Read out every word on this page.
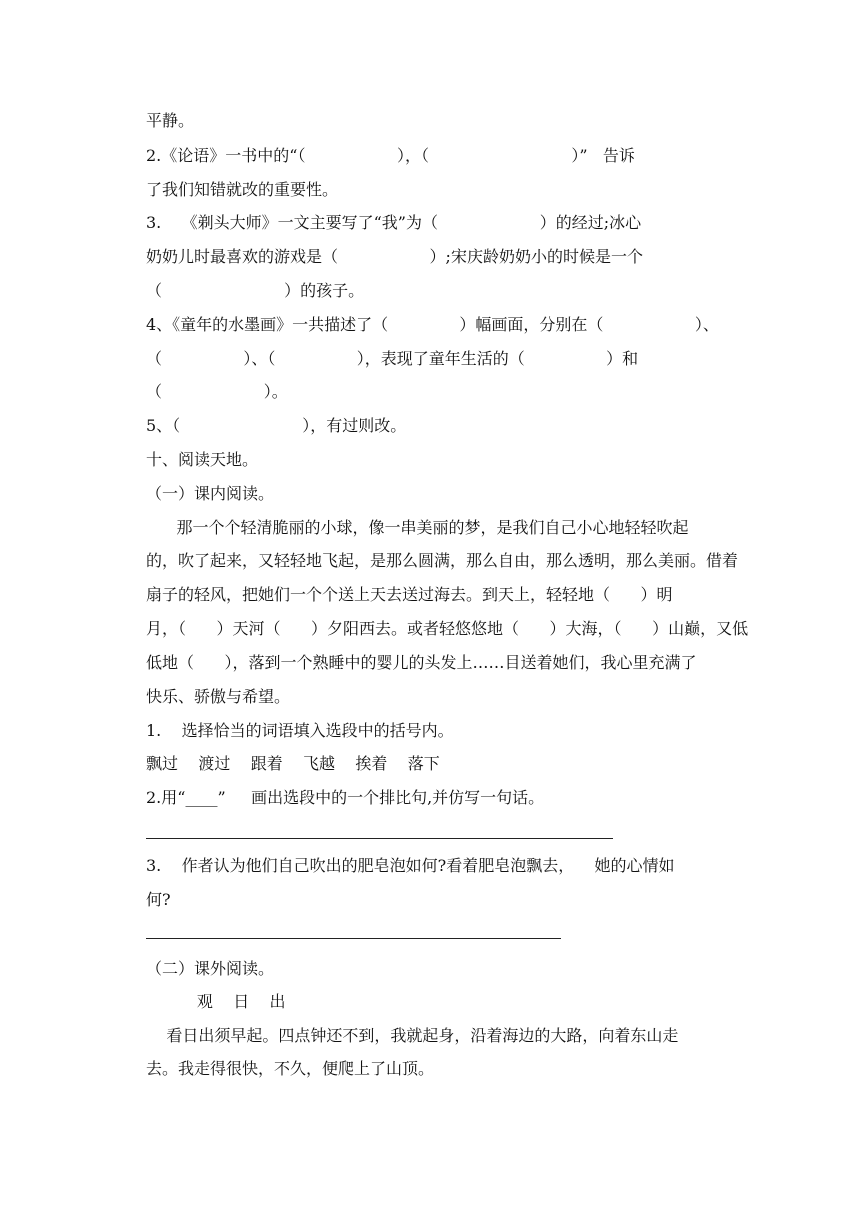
平静。
2.《论语》一书中的“（                  ），（                            ）”   告诉
了我们知错就改的重要性。
3.    《剃头大师》一文主要写了“我”为（                    ）的经过;冰心
奶奶儿时最喜欢的游戏是（                  ）;宋庆龄奶奶小的时候是一个
（                        ）的孩子。
4、《童年的水墨画》一共描述了（              ）幅画面，分别在（                  ）、
（                ）、（                ），表现了童年生活的（                ）和
（                    ）。
5、（                        ），有过则改。
十、阅读天地。
（一）课内阅读。
那一个个轻清脆丽的小球，像一串美丽的梦，是我们自己小心地轻轻吹起
的，吹了起来，又轻轻地飞起，是那么圆满，那么自由，那么透明，那么美丽。借着
扇子的轻风，把她们一个个送上天去送过海去。到天上，轻轻地（      ）明
月，（      ）天河（      ）夕阳西去。或者轻悠悠地（      ）大海，（      ）山巅，又低
低地（      ），落到一个熟睡中的婴儿的头发上……目送着她们，我心里充满了
快乐、骄傲与希望。
1.    选择恰当的词语填入选段中的括号内。
飘过    渡过    跟着    飞越    挨着    落下
2.用“____”     画出选段中的一个排比句,并仿写一句话。
3.    作者认为他们自己吹出的肥皂泡如何?看着肥皂泡飘去，    她的心情如
何?
（二）课外阅读。
观    日    出
看日出须早起。四点钟还不到，我就起身，沿着海边的大路，向着东山走
去。我走得很快，不久，便爬上了山顶。
